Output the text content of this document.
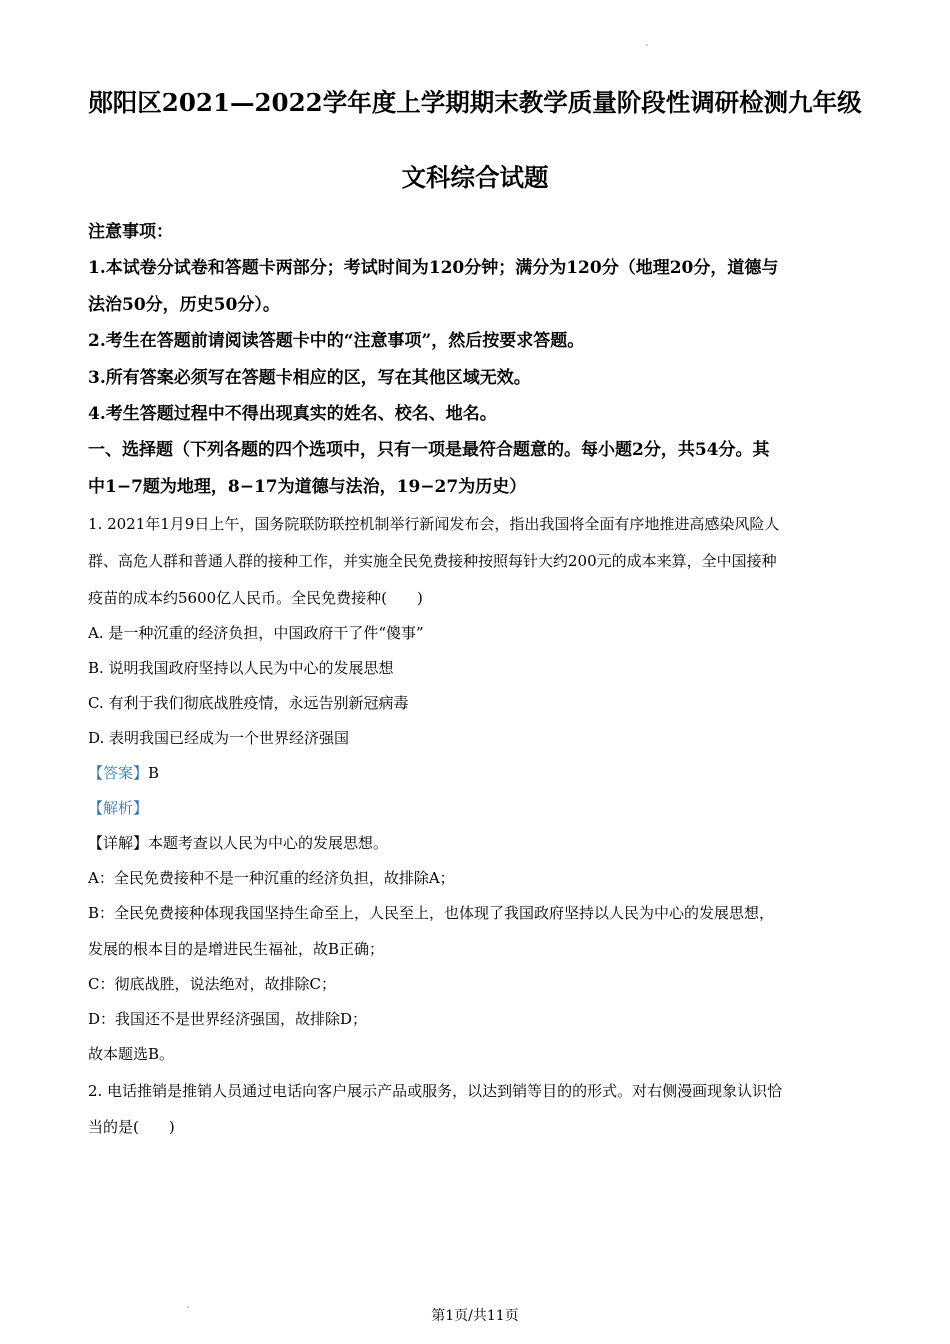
郧阳区2021—2022学年度上学期期末教学质量阶段性调研检测九年级
文科综合试题
注意事项：
1.本试卷分试卷和答题卡两部分；考试时间为120分钟；满分为120分（地理20分，道德与
法治50分，历史50分）。
2.考生在答题前请阅读答题卡中的“注意事项”，然后按要求答题。
3.所有答案必须写在答题卡相应的区，写在其他区域无效。
4.考生答题过程中不得出现真实的姓名、校名、地名。
一、选择题（下列各题的四个选项中，只有一项是最符合题意的。每小题2分，共54分。其
中1−7题为地理，8−17为道德与法治，19−27为历史）
1. 2021年1月9日上午，国务院联防联控机制举行新闻发布会，指出我国将全面有序地推进高感染风险人
群、高危人群和普通人群的接种工作，并实施全民免费接种按照每针大约200元的成本来算，全中国接种
疫苗的成本约5600亿人民币。全民免费接种(　　)
A. 是一种沉重的经济负担，中国政府干了件“傻事”
B. 说明我国政府坚持以人民为中心的发展思想
C. 有利于我们彻底战胜疫情，永远告别新冠病毒
D. 表明我国已经成为一个世界经济强国
【答案】B
【解析】
【详解】本题考查以人民为中心的发展思想。
A：全民免费接种不是一种沉重的经济负担，故排除A；
B：全民免费接种体现我国坚持生命至上，人民至上，也体现了我国政府坚持以人民为中心的发展思想，
发展的根本目的是增进民生福祉，故B正确；
C：彻底战胜，说法绝对，故排除C；
D：我国还不是世界经济强国，故排除D；
故本题选B。
2. 电话推销是推销人员通过电话向客户展示产品或服务，以达到销等目的的形式。对右侧漫画现象认识恰
当的是(　　)
第1页/共11页
